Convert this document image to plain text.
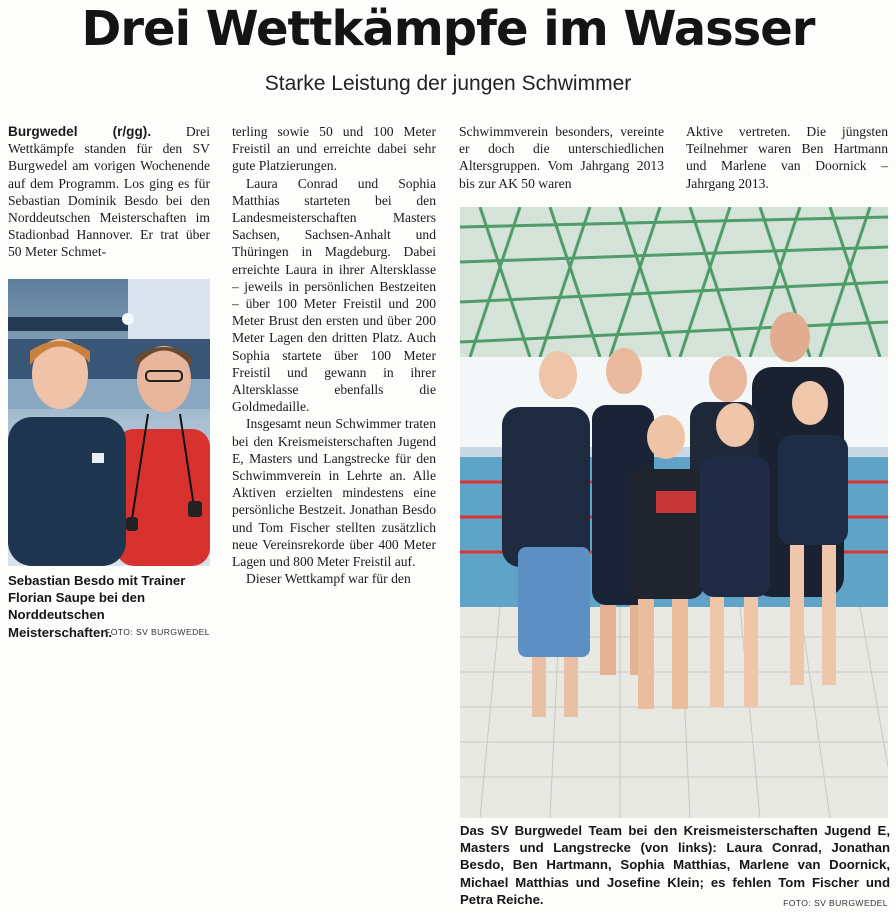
Drei Wettkämpfe im Wasser
Starke Leistung der jungen Schwimmer

Burgwedel (r/gg). Drei Wettkämpfe standen für den SV Burgwedel am vorigen Wochenende auf dem Programm. Los ging es für Sebastian Dominik Besdo bei den Norddeutschen Meisterschaften im Stadionbad Hannover. Er trat über 50 Meter Schmet-

terling sowie 50 und 100 Meter Freistil an und erreichte dabei sehr gute Platzierungen.

Laura Conrad und Sophia Matthias starteten bei den Landesmeisterschaften Masters Sachsen, Sachsen-Anhalt und Thüringen in Magdeburg. Dabei erreichte Laura in ihrer Altersklasse – jeweils in persönlichen Bestzeiten – über 100 Meter Freistil und 200 Meter Brust den ersten und über 200 Meter Lagen den dritten Platz. Auch Sophia startete über 100 Meter Freistil und gewann in ihrer Altersklasse ebenfalls die Goldmedaille.

Insgesamt neun Schwimmer traten bei den Kreismeisterschaften Jugend E, Masters und Langstrecke für den Schwimmverein in Lehrte an. Alle Aktiven erzielten mindestens eine persönliche Bestzeit. Jonathan Besdo und Tom Fischer stellten zusätzlich neue Vereinsrekorde über 400 Meter Lagen und 800 Meter Freistil auf.

Dieser Wettkampf war für den

Schwimmverein besonders, vereinte er doch die unterschiedlichen Altersgruppen. Vom Jahrgang 2013 bis zur AK 50 waren

Aktive vertreten. Die jüngsten Teilnehmer waren Ben Hartmann und Marlene van Doornick – Jahrgang 2013.

Sebastian Besdo mit Trainer Florian Saupe bei den Norddeutschen Meisterschaften.
FOTO: SV BURGWEDEL
Das SV Burgwedel Team bei den Kreismeisterschaften Jugend E, Masters und Langstrecke (von links): Laura Conrad, Jonathan Besdo, Ben Hartmann, Sophia Matthias, Marlene van Doornick, Michael Matthias und Josefine Klein; es fehlen Tom Fischer und Petra Reiche.	FOTO: SV BURGWEDEL
